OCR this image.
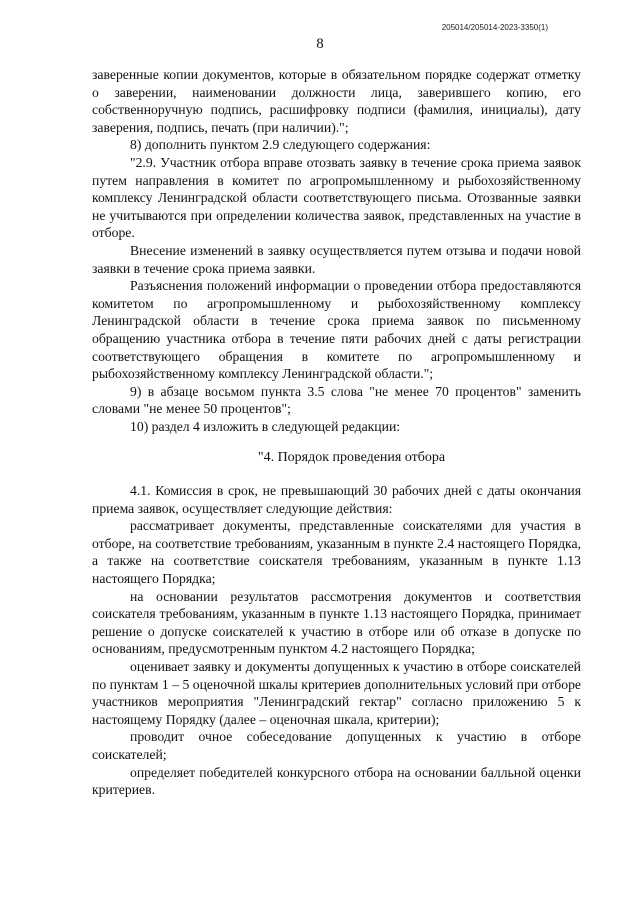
205014/205014-2023-3350(1)
8

заверенные копии документов, которые в обязательном порядке содержат отметку о заверении, наименовании должности лица, заверившего копию, его собственноручную подпись, расшифровку подписи (фамилия, инициалы), дату заверения, подпись, печать (при наличии).";

8) дополнить пунктом 2.9 следующего содержания:

"2.9. Участник отбора вправе отозвать заявку в течение срока приема заявок путем направления в комитет по агропромышленному и рыбохозяйственному комплексу Ленинградской области соответствующего письма. Отозванные заявки не учитываются при определении количества заявок, представленных на участие в отборе.

Внесение изменений в заявку осуществляется путем отзыва и подачи новой заявки в течение срока приема заявки.

Разъяснения положений информации о проведении отбора предоставляются комитетом по агропромышленному и рыбохозяйственному комплексу Ленинградской области в течение срока приема заявок по письменному обращению участника отбора в течение пяти рабочих дней с даты регистрации соответствующего обращения в комитете по агропромышленному и рыбохозяйственному комплексу Ленинградской области.";

9) в абзаце восьмом пункта 3.5 слова "не менее 70 процентов" заменить словами "не менее 50 процентов";

10) раздел 4 изложить в следующей редакции:

"4. Порядок проведения отбора

4.1. Комиссия в срок, не превышающий 30 рабочих дней с даты окончания приема заявок, осуществляет следующие действия:

рассматривает документы, представленные соискателями для участия в отборе, на соответствие требованиям, указанным в пункте 2.4 настоящего Порядка, а также на соответствие соискателя требованиям, указанным в пункте 1.13 настоящего Порядка;

на основании результатов рассмотрения документов и соответствия соискателя требованиям, указанным в пункте 1.13 настоящего Порядка, принимает решение о допуске соискателей к участию в отборе или об отказе в допуске по основаниям, предусмотренным пунктом 4.2 настоящего Порядка;

оценивает заявку и документы допущенных к участию в отборе соискателей по пунктам 1 – 5 оценочной шкалы критериев дополнительных условий при отборе участников мероприятия "Ленинградский гектар" согласно приложению 5 к настоящему Порядку (далее – оценочная шкала, критерии);

проводит очное собеседование допущенных к участию в отборе соискателей;

определяет победителей конкурсного отбора на основании балльной оценки критериев.
